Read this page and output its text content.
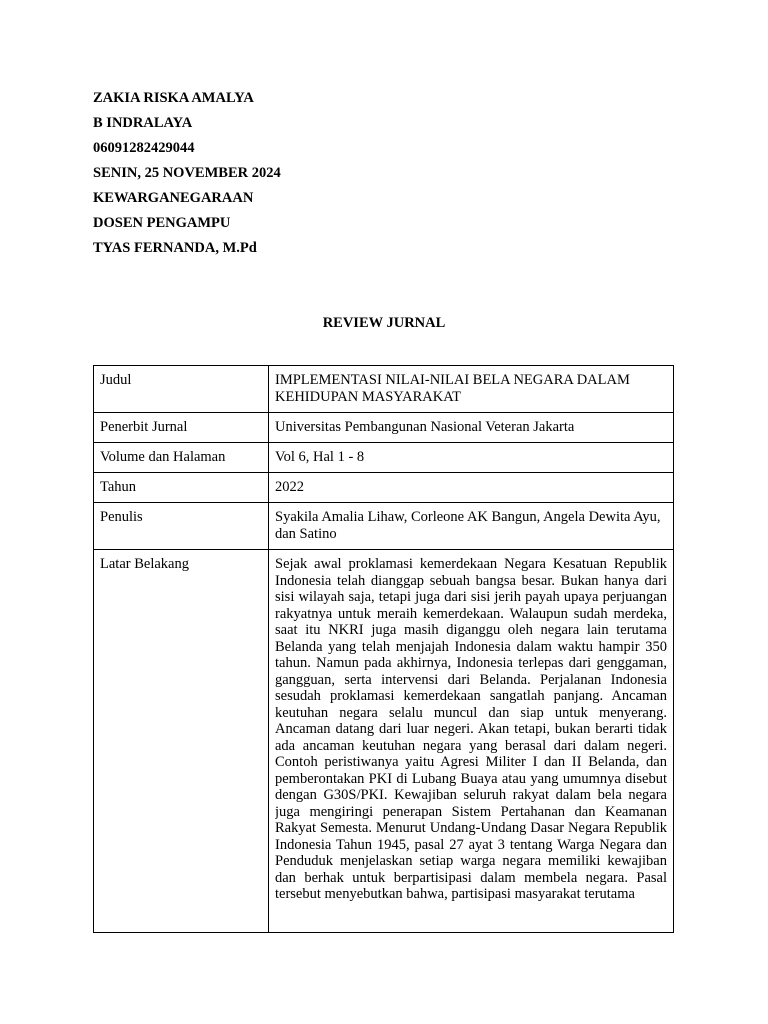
ZAKIA RISKA AMALYA
B INDRALAYA
06091282429044
SENIN, 25 NOVEMBER 2024
KEWARGANEGARAAN
DOSEN PENGAMPU
TYAS FERNANDA, M.Pd
REVIEW JURNAL
Judul	IMPLEMENTASI NILAI-NILAI BELA NEGARA DALAM KEHIDUPAN MASYARAKAT
Penerbit Jurnal	Universitas Pembangunan Nasional Veteran Jakarta
Volume dan Halaman	Vol 6, Hal 1 - 8
Tahun	2022
Penulis	Syakila Amalia Lihaw, Corleone AK Bangun, Angela Dewita Ayu, dan Satino
Latar Belakang	Sejak awal proklamasi kemerdekaan Negara Kesatuan Republik Indonesia telah dianggap sebuah bangsa besar. Bukan hanya dari sisi wilayah saja, tetapi juga dari sisi jerih payah upaya perjuangan rakyatnya untuk meraih kemerdekaan. Walaupun sudah merdeka, saat itu NKRI juga masih diganggu oleh negara lain terutama Belanda yang telah menjajah Indonesia dalam waktu hampir 350 tahun. Namun pada akhirnya, Indonesia terlepas dari genggaman, gangguan, serta intervensi dari Belanda. Perjalanan Indonesia sesudah proklamasi kemerdekaan sangatlah panjang. Ancaman keutuhan negara selalu muncul dan siap untuk menyerang. Ancaman datang dari luar negeri. Akan tetapi, bukan berarti tidak ada ancaman keutuhan negara yang berasal dari dalam negeri. Contoh peristiwanya yaitu Agresi Militer I dan II Belanda, dan pemberontakan PKI di Lubang Buaya atau yang umumnya disebut dengan G30S/PKI. Kewajiban seluruh rakyat dalam bela negara juga mengiringi penerapan Sistem Pertahanan dan Keamanan Rakyat Semesta. Menurut Undang-Undang Dasar Negara Republik Indonesia Tahun 1945, pasal 27 ayat 3 tentang Warga Negara dan Penduduk menjelaskan setiap warga negara memiliki kewajiban dan berhak untuk berpartisipasi dalam membela negara. Pasal tersebut menyebutkan bahwa, partisipasi masyarakat terutama
